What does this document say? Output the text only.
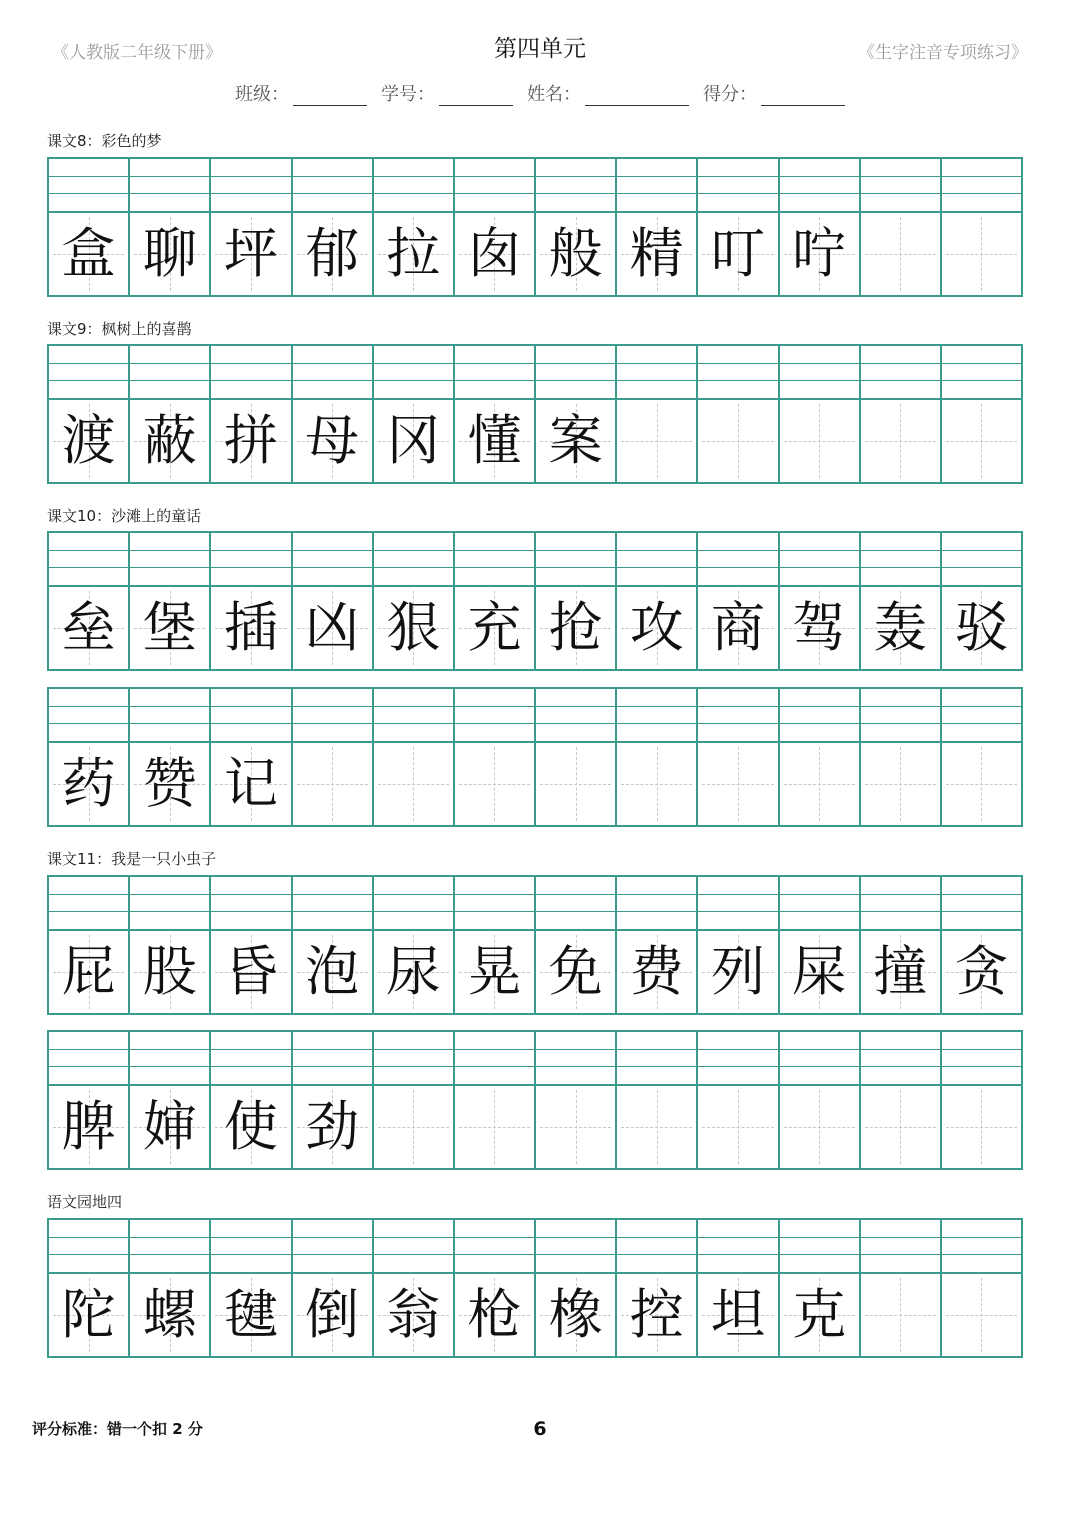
《人教版二年级下册》	第四单元	《生字注音专项练习》
班级：	学号：	姓名：	得分：
课文8：彩色的梦
盒 聊 坪 郁 拉 囱 般 精 叮 咛
课文9：枫树上的喜鹊
渡 蔽 拼 母 冈 懂 案
课文10：沙滩上的童话
垒 堡 插 凶 狠 充 抢 攻 商 驾 轰 驳
药 赞 记
课文11：我是一只小虫子
屁 股 昏 泡 尿 晃 免 费 列 屎 撞 贪
脾 婶 使 劲
语文园地四
陀 螺 毽 倒 翁 枪 橡 控 坦 克
评分标准：错一个扣 2 分	6
